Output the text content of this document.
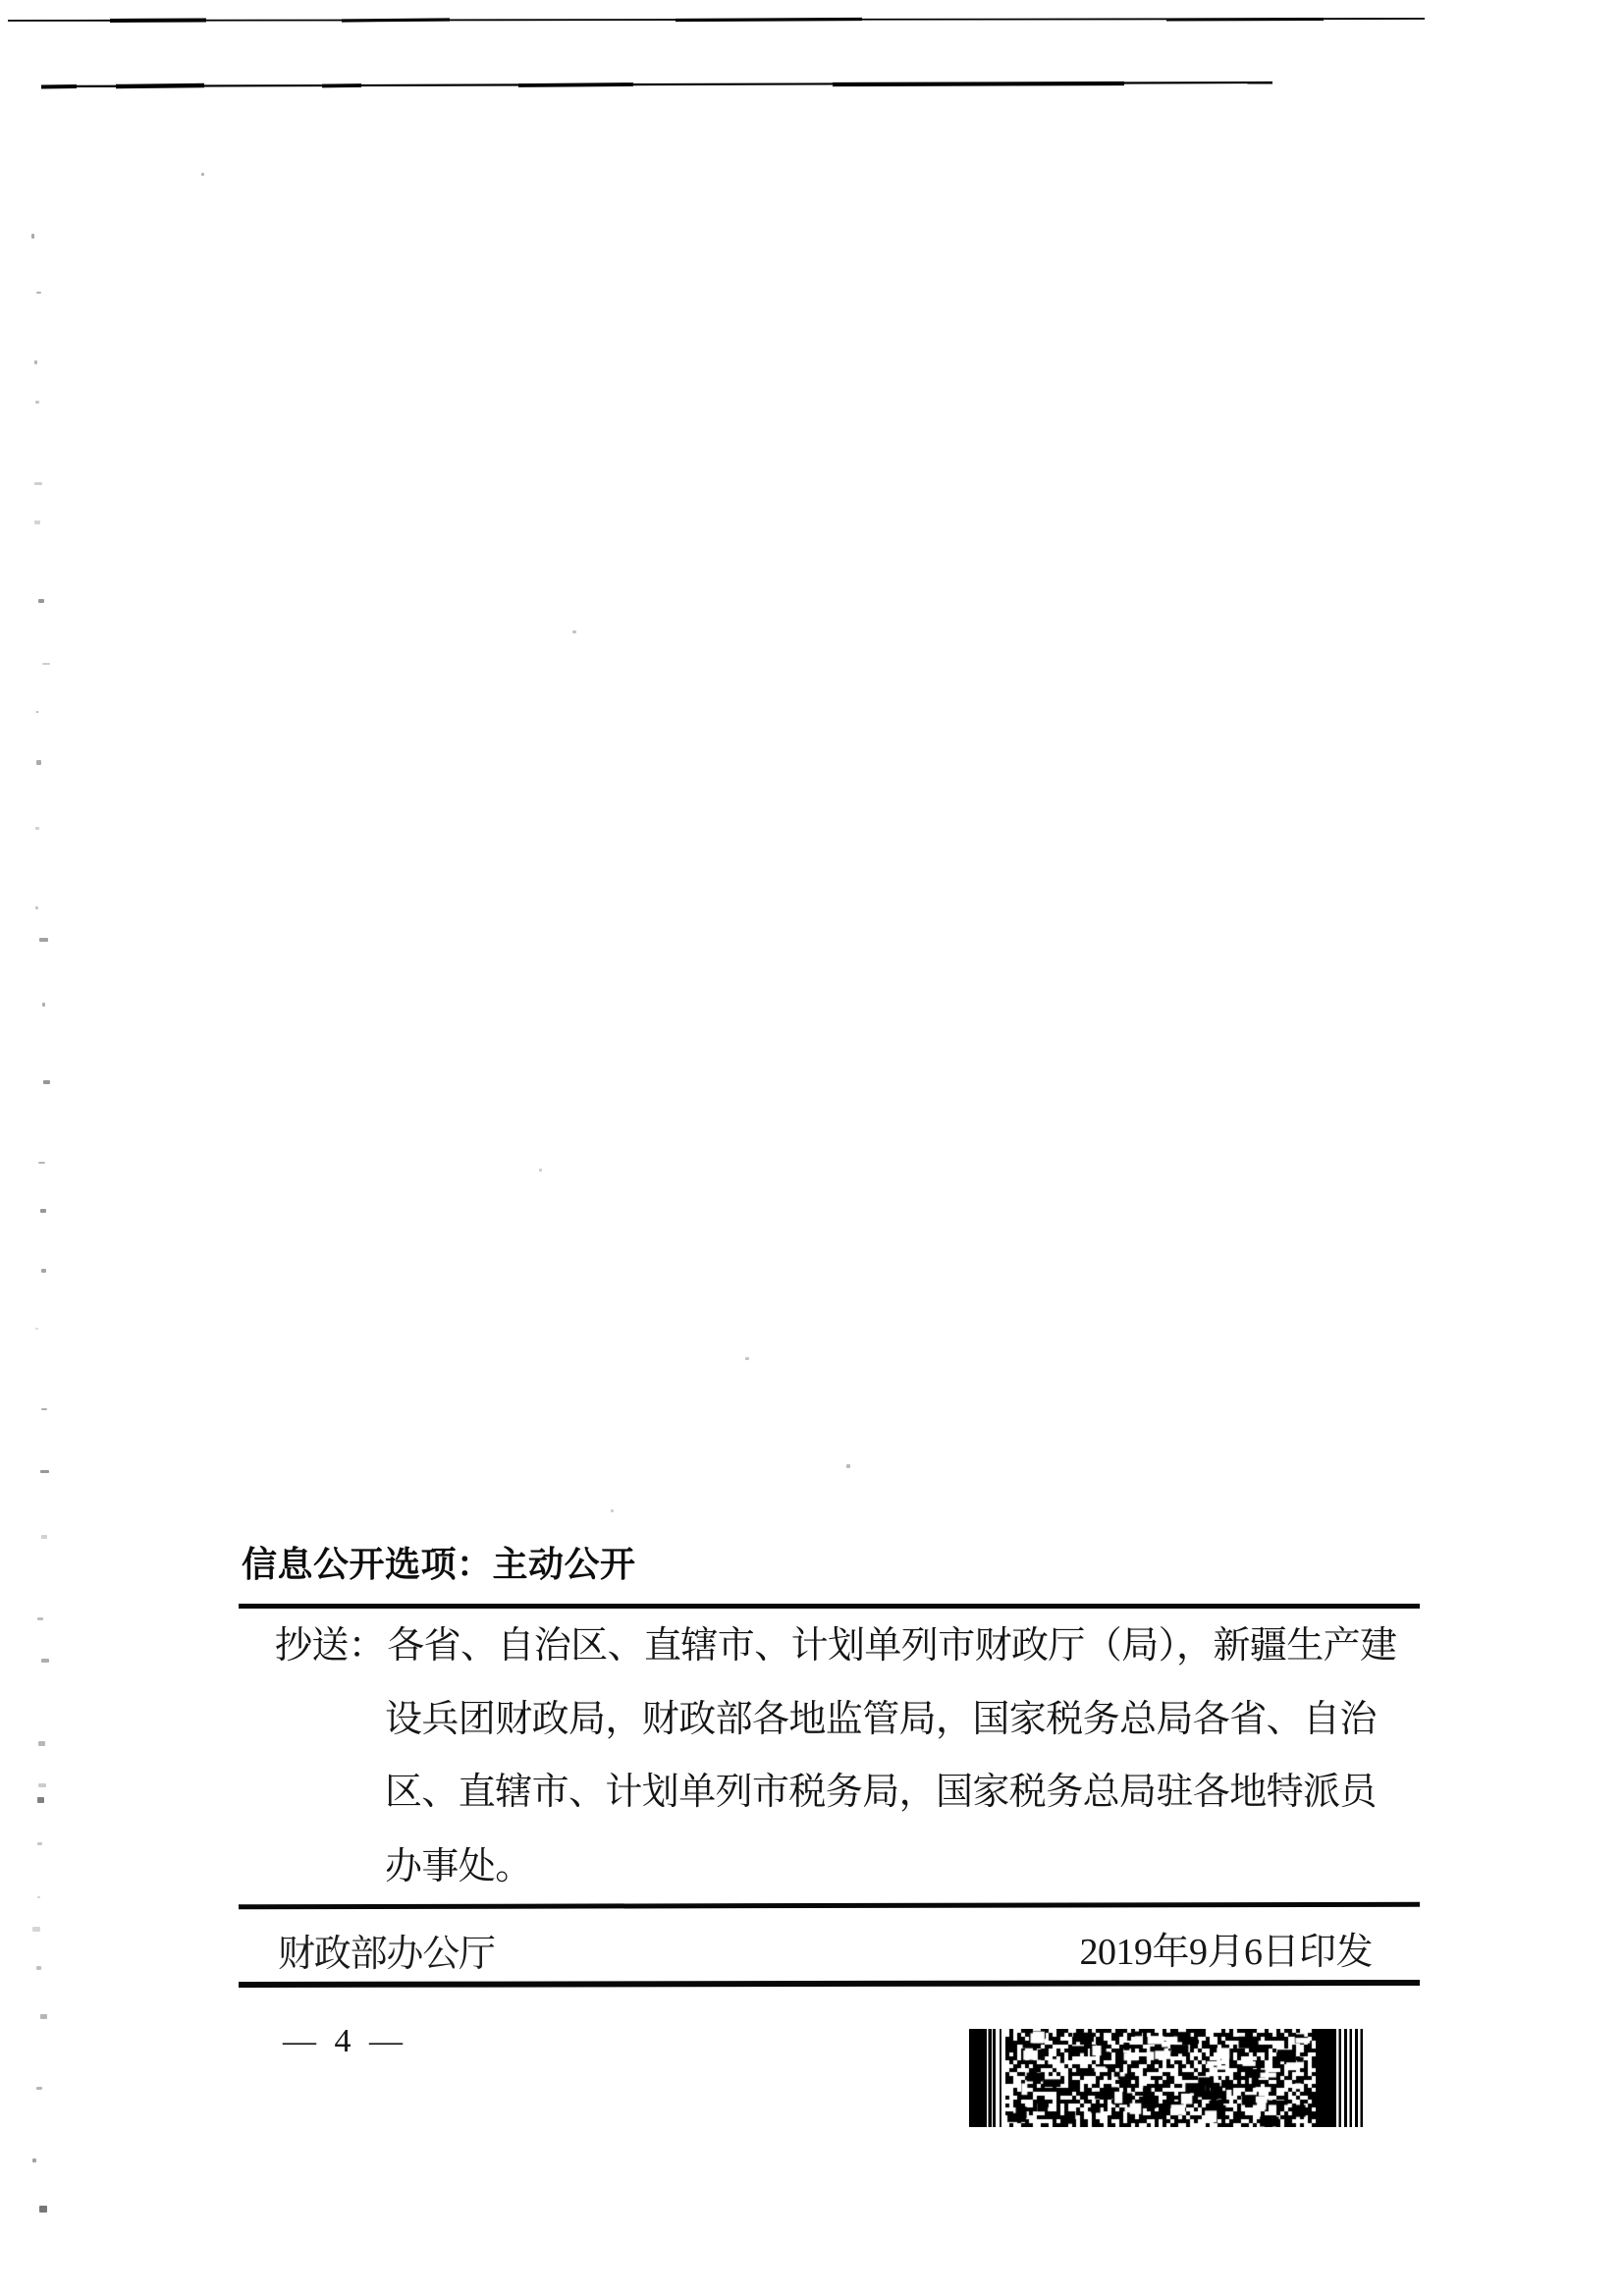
信息公开选项：主动公开
抄送：各省、自治区、直辖市、计划单列市财政厅（局），新疆生产建
设兵团财政局，财政部各地监管局，国家税务总局各省、自治
区、直辖市、计划单列市税务局，国家税务总局驻各地特派员
办事处。
财政部办公厅	2019年9月6日印发
— 4 —
